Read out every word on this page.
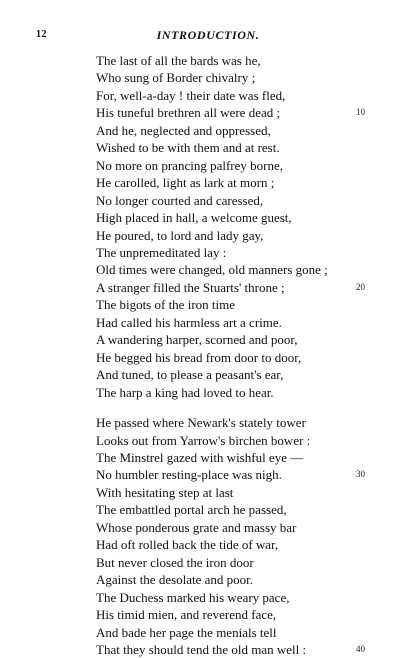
12	INTRODUCTION.
The last of all the bards was he,
Who sung of Border chivalry ;
For, well-a-day ! their date was fled,
His tuneful brethren all were dead ;	10
And he, neglected and oppressed,
Wished to be with them and at rest.
No more on prancing palfrey borne,
He carolled, light as lark at morn ;
No longer courted and caressed,
High placed in hall, a welcome guest,
He poured, to lord and lady gay,
The unpremeditated lay :
Old times were changed, old manners gone ;
A stranger filled the Stuarts' throne ;	20
The bigots of the iron time
Had called his harmless art a crime.
A wandering harper, scorned and poor,
He begged his bread from door to door,
And tuned, to please a peasant's ear,
The harp a king had loved to hear.
He passed where Newark's stately tower
Looks out from Yarrow's birchen bower :
The Minstrel gazed with wishful eye —
No humbler resting-place was nigh.	30
With hesitating step at last
The embattled portal arch he passed,
Whose ponderous grate and massy bar
Had oft rolled back the tide of war,
But never closed the iron door
Against the desolate and poor.
The Duchess marked his weary pace,
His timid mien, and reverend face,
And bade her page the menials tell
That they should tend the old man well :	40
